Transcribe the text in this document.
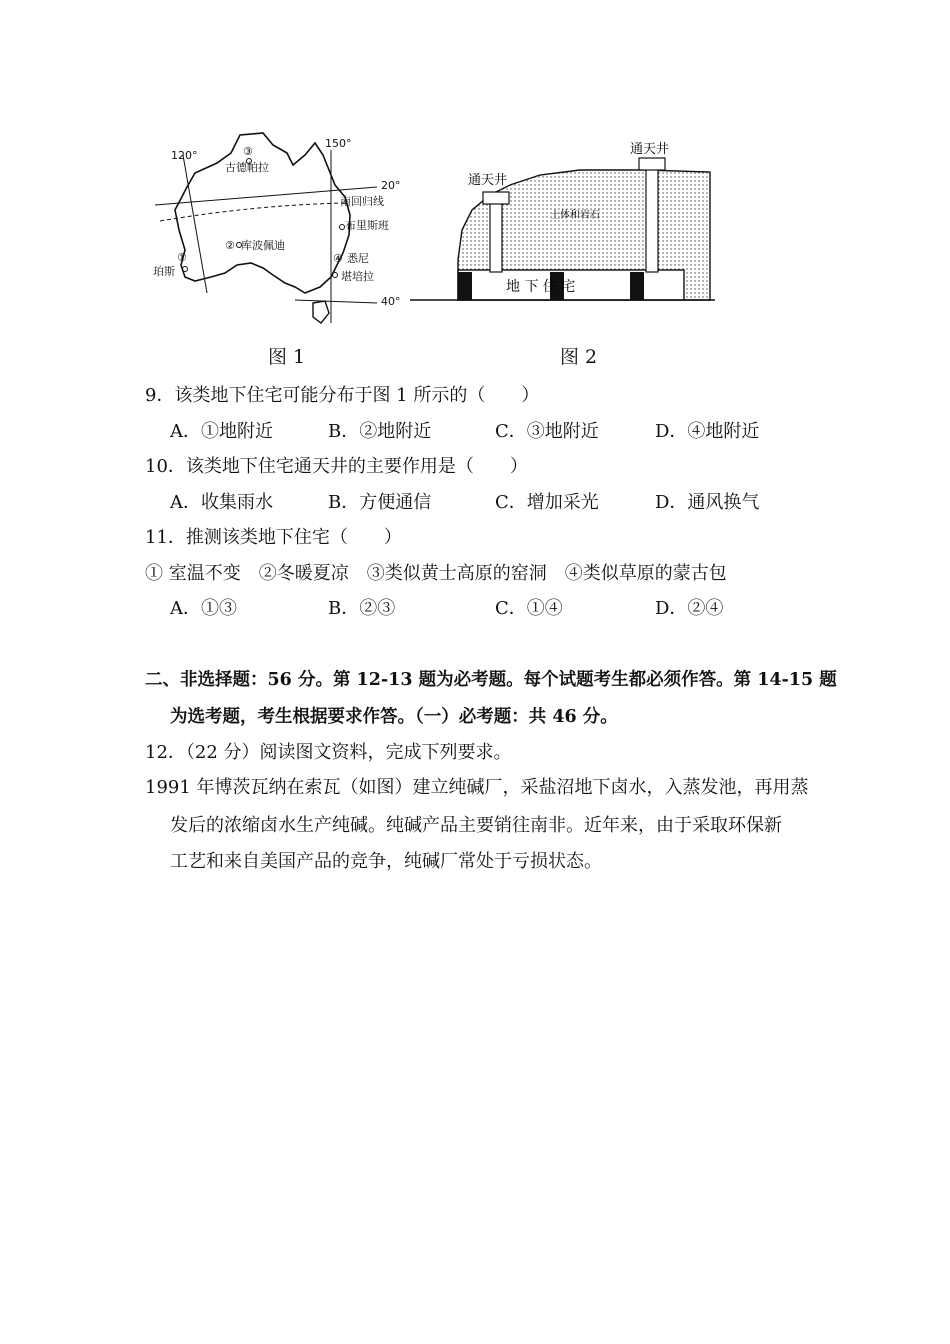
120°
150°
20°
40°
③
古德帕拉
南回归线
布里斯班
② 库波佩迪
④ 悉尼
堪培拉
①
珀斯
通天井
通天井
土体和岩石
地 下 住 宅
图 1	图 2
9．该类地下住宅可能分布于图 1 所示的（　　）
A．①地附近	B．②地附近	C．③地附近	D．④地附近
10．该类地下住宅通天井的主要作用是（　　）
A．收集雨水	B．方便通信	C．增加采光	D．通风换气
11．推测该类地下住宅（　　）
① 室温不变　②冬暖夏凉　③类似黄士高原的窑洞　④类似草原的蒙古包
A．①③	B．②③	C．①④	D．②④
二、非选择题：56 分。第 12-13 题为必考题。每个试题考生都必须作答。第 14-15 题
为选考题，考生根据要求作答。（一）必考题：共 46 分。
12．（22 分）阅读图文资料，完成下列要求。
1991 年博茨瓦纳在索瓦（如图）建立纯碱厂，采盐沼地下卤水，入蒸发池，再用蒸
发后的浓缩卤水生产纯碱。纯碱产品主要销往南非。近年来，由于采取环保新
工艺和来自美国产品的竞争，纯碱厂常处于亏损状态。
